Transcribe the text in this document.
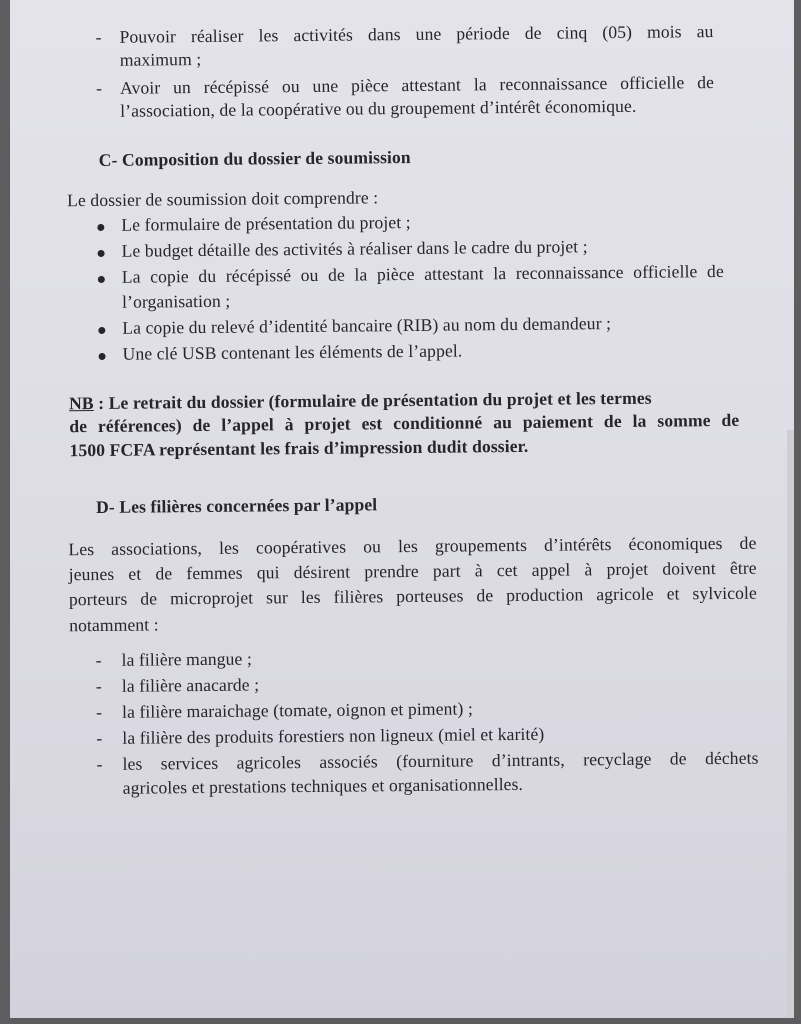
- Pouvoir réaliser les activités dans une période de cinq (05) mois au
maximum ;
- Avoir un récépissé ou une pièce attestant la reconnaissance officielle de
l’association, de la coopérative ou du groupement d’intérêt économique.
C- Composition du dossier de soumission
Le dossier de soumission doit comprendre :
Le formulaire de présentation du projet ;
Le budget détaille des activités à réaliser dans le cadre du projet ;
La copie du récépissé ou de la pièce attestant la reconnaissance officielle de
l’organisation ;
La copie du relevé d’identité bancaire (RIB) au nom du demandeur ;
Une clé USB contenant les éléments de l’appel.
NB : Le retrait du dossier (formulaire de présentation du projet et les termes
de références) de l’appel à projet est conditionné au paiement de la somme de
1500 FCFA représentant les frais d’impression dudit dossier.
D- Les filières concernées par l’appel
Les associations, les coopératives ou les groupements d’intérêts économiques de
jeunes et de femmes qui désirent prendre part à cet appel à projet doivent être
porteurs de microprojet sur les filières porteuses de production agricole et sylvicole
notamment :
- la filière mangue ;
- la filière anacarde ;
- la filière maraichage (tomate, oignon et piment) ;
- la filière des produits forestiers non ligneux (miel et karité)
- les services agricoles associés (fourniture d’intrants, recyclage de déchets
agricoles et prestations techniques et organisationnelles.
